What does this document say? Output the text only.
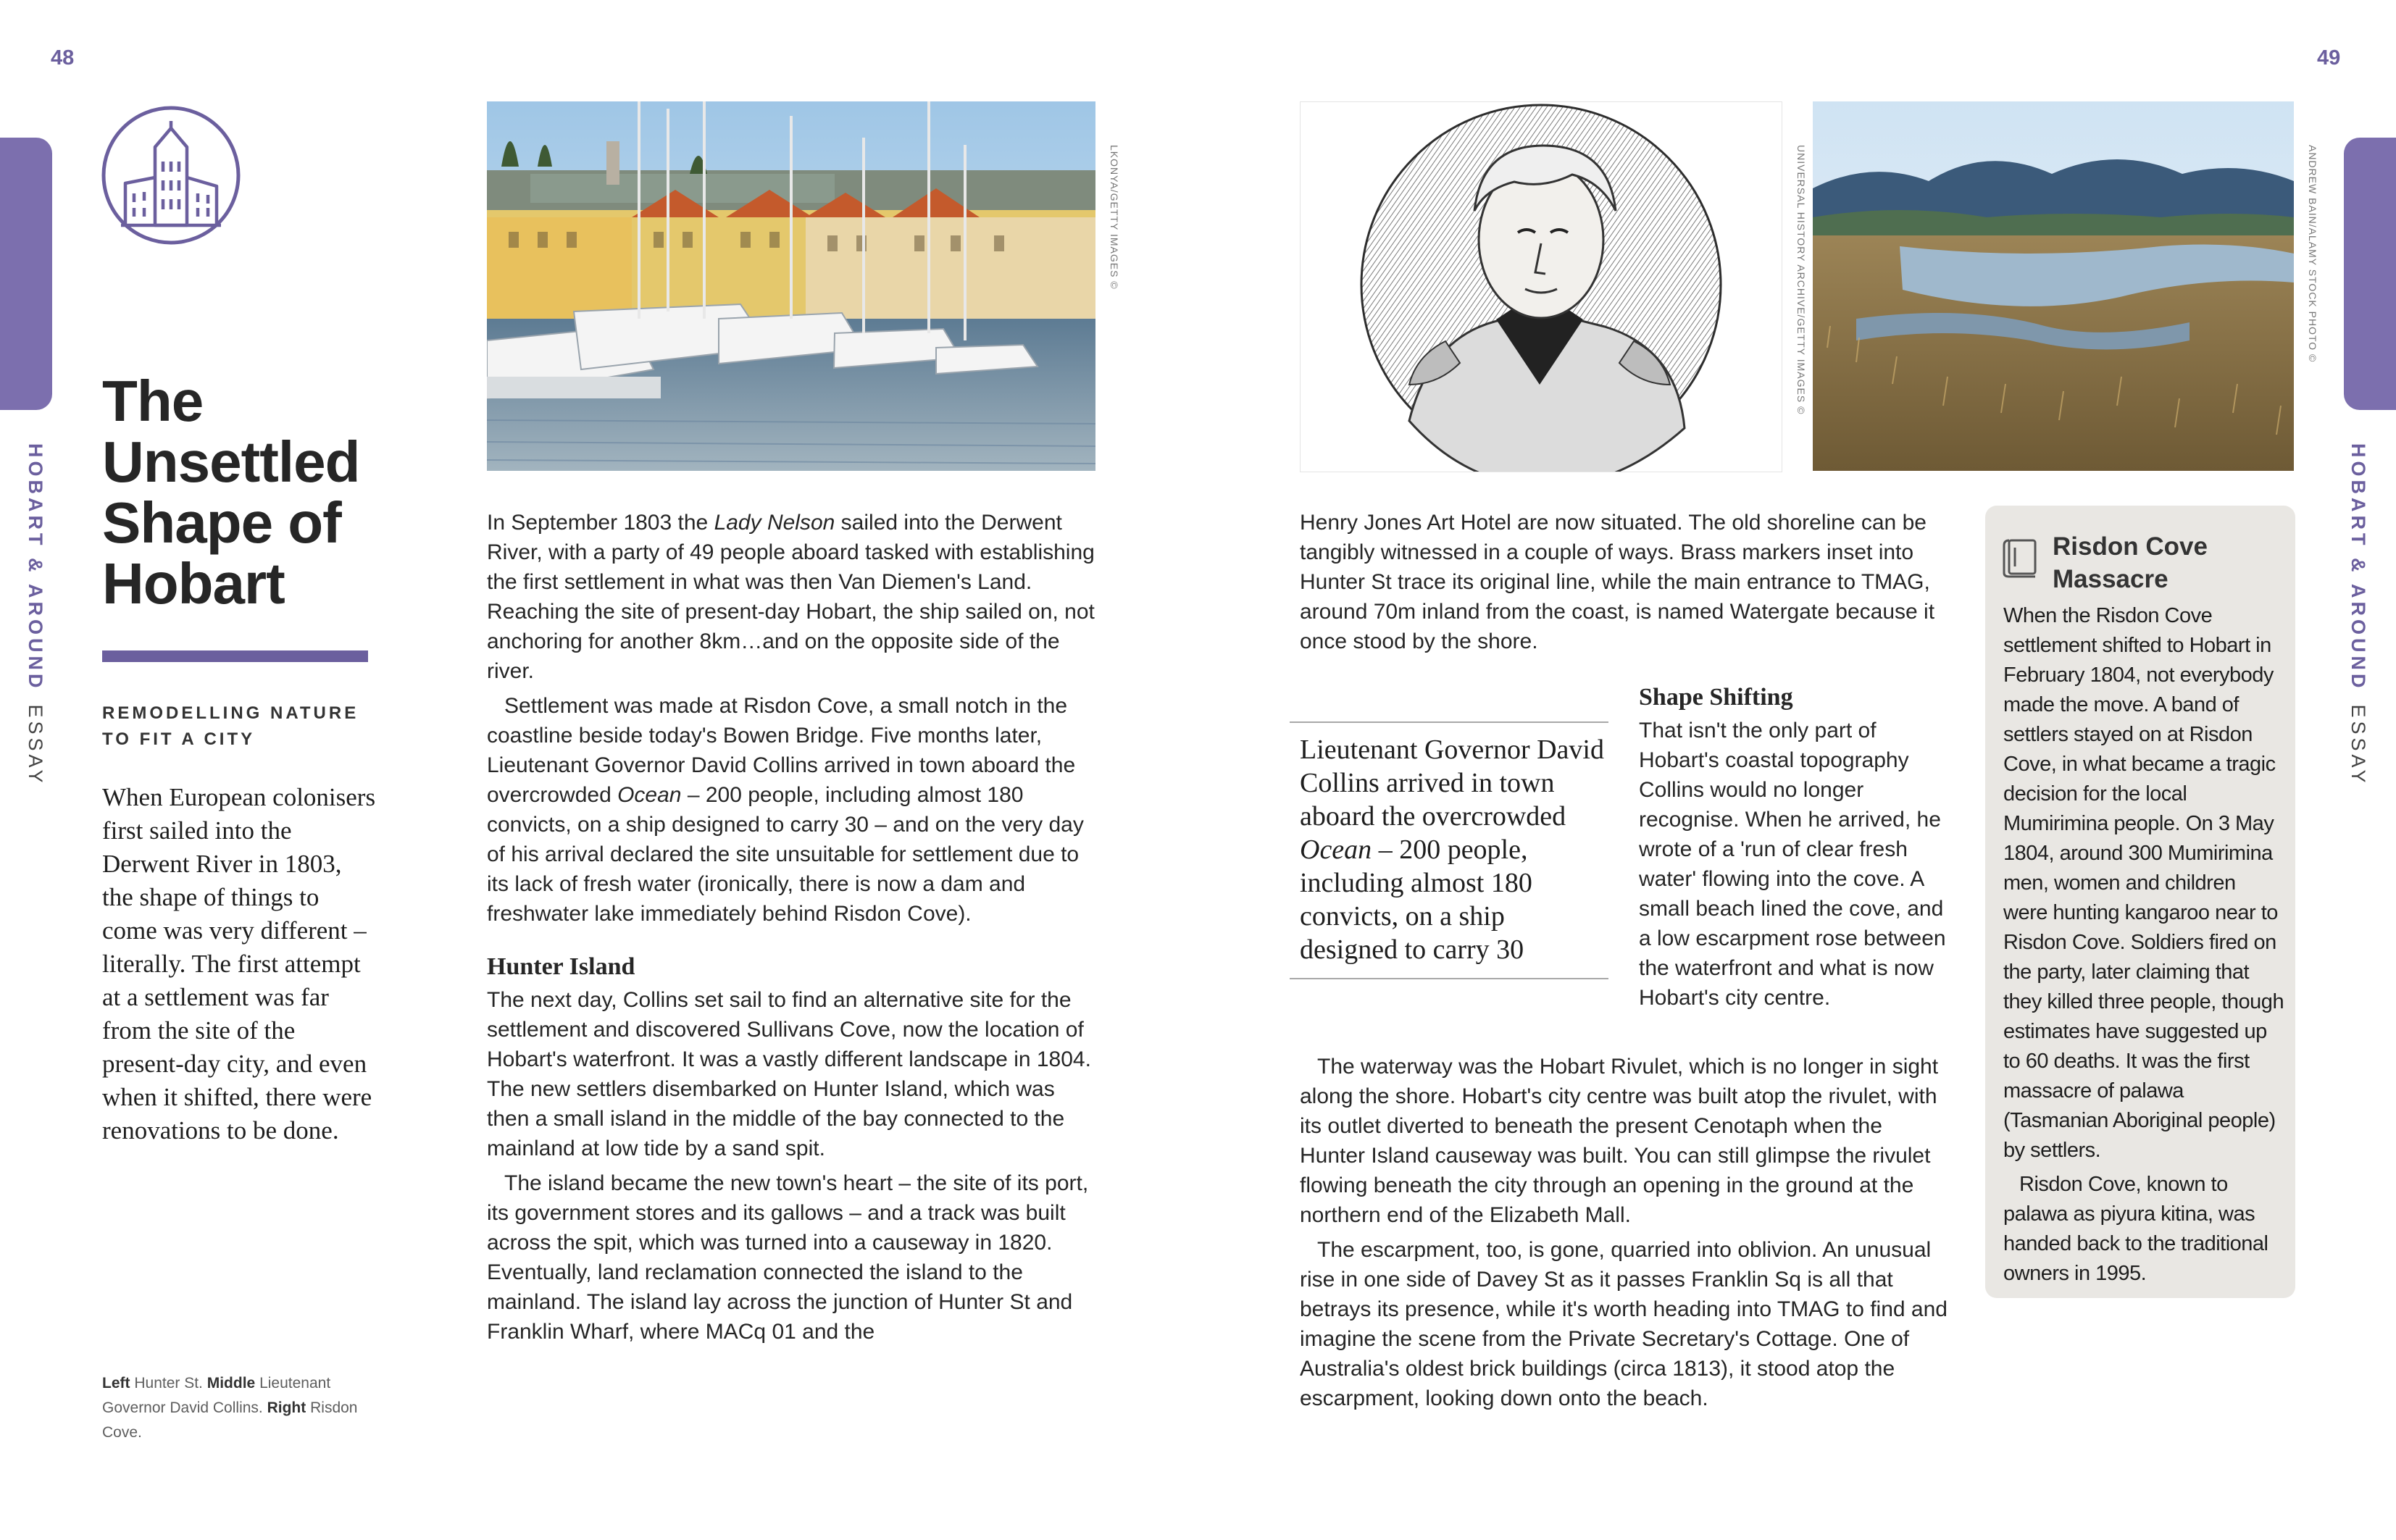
48	49
HOBART & AROUNDESSAY
HOBART & AROUNDESSAY
The Unsettled Shape of Hobart
REMODELLING NATURE TO FIT A CITY
When European colonisers first sailed into the Derwent River in 1803, the shape of things to come was very different – literally. The first attempt at a settlement was far from the site of the present-day city, and even when it shifted, there were renovations to be done.
Left Hunter St. Middle Lieutenant Governor David Collins. Right Risdon Cove.
LKONYA/GETTY IMAGES ©	UNIVERSAL HISTORY ARCHIVE/GETTY IMAGES ©	ANDREW BAIN/ALAMY STOCK PHOTO ©

In September 1803 the Lady Nelson sailed into the Derwent River, with a party of 49 people aboard tasked with establishing the first settlement in what was then Van Diemen's Land. Reaching the site of present-day Hobart, the ship sailed on, not anchoring for another 8km…and on the opposite side of the river.

Settlement was made at Risdon Cove, a small notch in the coastline beside today's Bowen Bridge. Five months later, Lieutenant Governor David Collins arrived in town aboard the overcrowded Ocean – 200 people, including almost 180 convicts, on a ship designed to carry 30 – and on the very day of his arrival declared the site unsuitable for settlement due to its lack of fresh water (ironically, there is now a dam and freshwater lake immediately behind Risdon Cove).

Hunter Island

The next day, Collins set sail to find an alternative site for the settlement and discovered Sullivans Cove, now the location of Hobart's waterfront. It was a vastly different landscape in 1804. The new settlers disembarked on Hunter Island, which was then a small island in the middle of the bay connected to the mainland at low tide by a sand spit.

The island became the new town's heart – the site of its port, its government stores and its gallows – and a track was built across the spit, which was turned into a causeway in 1820. Eventually, land reclamation connected the island to the mainland. The island lay across the junction of Hunter St and Franklin Wharf, where MACq 01 and the

Henry Jones Art Hotel are now situated. The old shoreline can be tangibly witnessed in a couple of ways. Brass markers inset into Hunter St trace its original line, while the main entrance to TMAG, around 70m inland from the coast, is named Watergate because it once stood by the shore.

Lieutenant Governor David Collins arrived in town aboard the overcrowded Ocean – 200 people, including almost 180 convicts, on a ship designed to carry 30
Shape Shifting

That isn't the only part of Hobart's coastal topography Collins would no longer recognise. When he arrived, he wrote of a 'run of clear fresh water' flowing into the cove. A small beach lined the cove, and a low escarpment rose between the waterfront and what is now Hobart's city centre.

The waterway was the Hobart Rivulet, which is no longer in sight along the shore. Hobart's city centre was built atop the rivulet, with its outlet diverted to beneath the present Cenotaph when the Hunter Island causeway was built. You can still glimpse the rivulet flowing beneath the city through an opening in the ground at the northern end of the Elizabeth Mall.

The escarpment, too, is gone, quarried into oblivion. An unusual rise in one side of Davey St as it passes Franklin Sq is all that betrays its presence, while it's worth heading into TMAG to find and imagine the scene from the Private Secretary's Cottage. One of Australia's oldest brick buildings (circa 1813), it stood atop the escarpment, looking down onto the beach.

Risdon Cove Massacre

When the Risdon Cove settlement shifted to Hobart in February 1804, not everybody made the move. A band of settlers stayed on at Risdon Cove, in what became a tragic decision for the local Mumirimina people. On 3 May 1804, around 300 Mumirimina men, women and children were hunting kangaroo near to Risdon Cove. Soldiers fired on the party, later claiming that they killed three people, though estimates have suggested up to 60 deaths. It was the first massacre of palawa (Tasmanian Aboriginal people) by settlers.

Risdon Cove, known to palawa as piyura kitina, was handed back to the traditional owners in 1995.
